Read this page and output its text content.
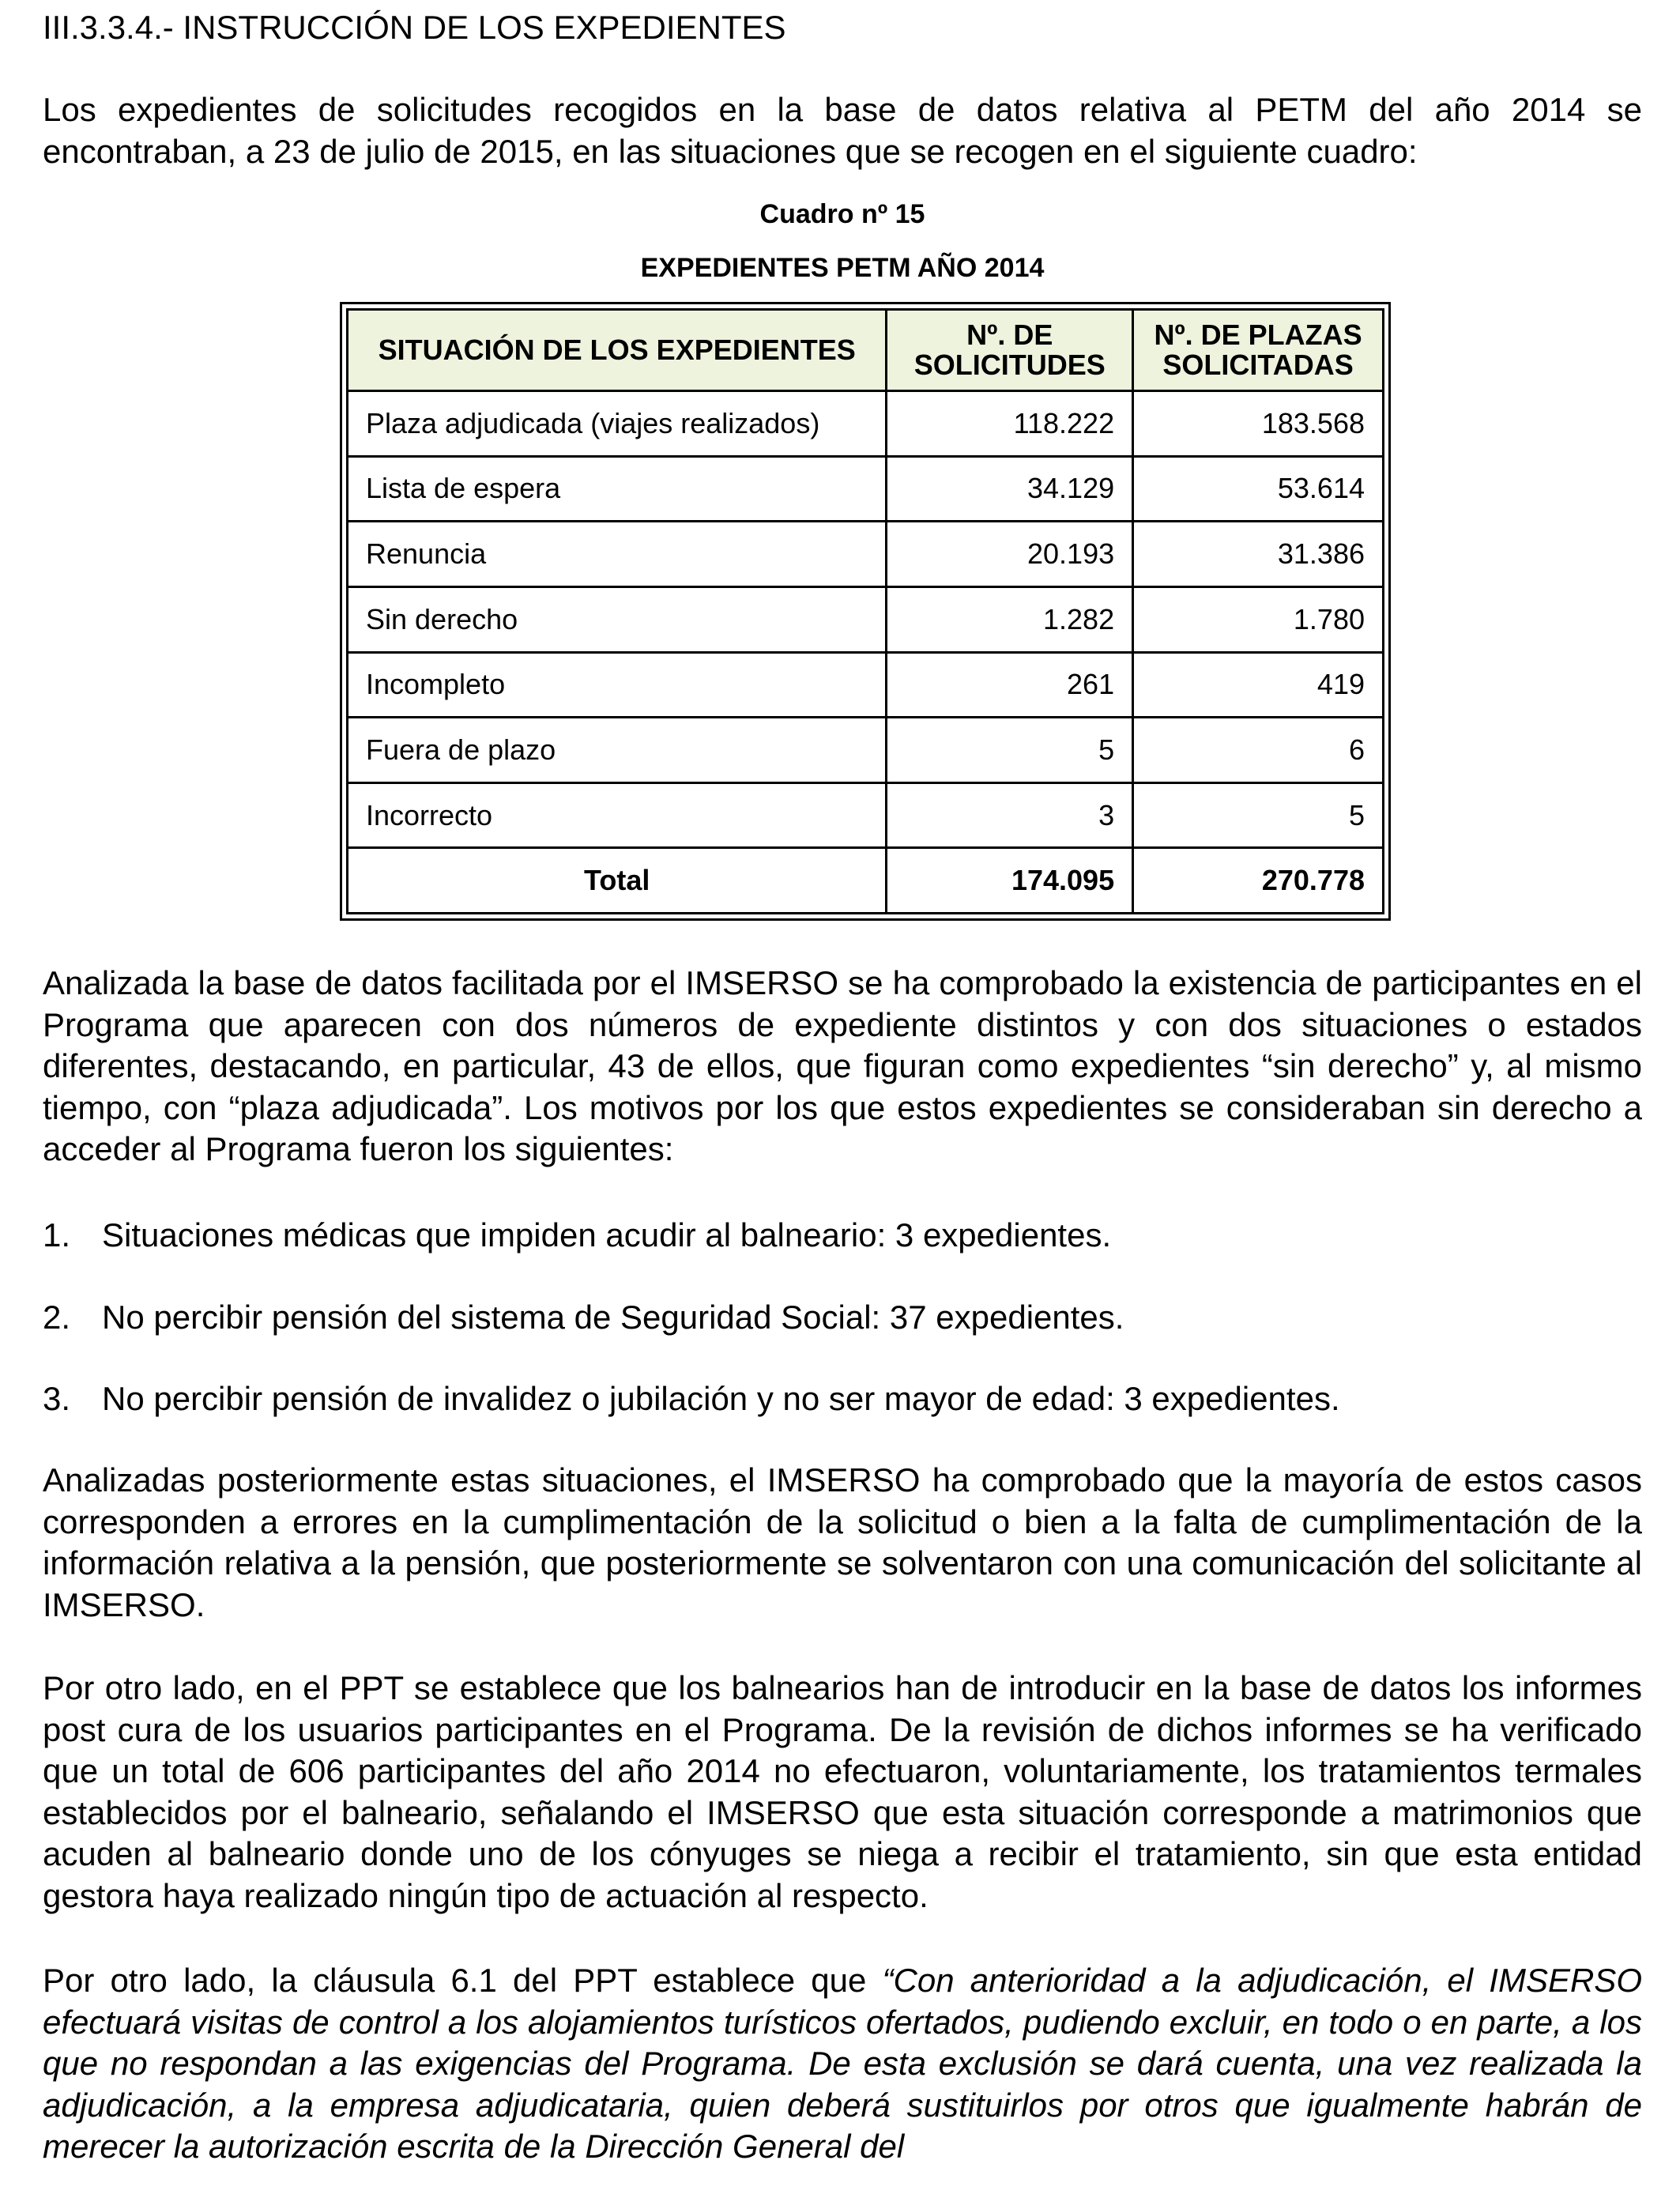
III.3.3.4.- INSTRUCCIÓN DE LOS EXPEDIENTES

Los expedientes de solicitudes recogidos en la base de datos relativa al PETM del año 2014 se encontraban, a 23 de julio de 2015, en las situaciones que se recogen en el siguiente cuadro:

Cuadro nº 15
EXPEDIENTES PETM AÑO 2014
SITUACIÓN DE LOS EXPEDIENTES	Nº. DE SOLICITUDES	Nº. DE PLAZAS SOLICITADAS
Plaza adjudicada (viajes realizados)	118.222	183.568
Lista de espera	34.129	53.614
Renuncia	20.193	31.386
Sin derecho	1.282	1.780
Incompleto	261	419
Fuera de plazo	5	6
Incorrecto	3	5
Total	174.095	270.778

Analizada la base de datos facilitada por el IMSERSO se ha comprobado la existencia de participantes en el Programa que aparecen con dos números de expediente distintos y con dos situaciones o estados diferentes, destacando, en particular, 43 de ellos, que figuran como expedientes “sin derecho” y, al mismo tiempo, con “plaza adjudicada”. Los motivos por los que estos expedientes se consideraban sin derecho a acceder al Programa fueron los siguientes:

1. Situaciones médicas que impiden acudir al balneario: 3 expedientes.
2. No percibir pensión del sistema de Seguridad Social: 37 expedientes.
3. No percibir pensión de invalidez o jubilación y no ser mayor de edad: 3 expedientes.

Analizadas posteriormente estas situaciones, el IMSERSO ha comprobado que la mayoría de estos casos corresponden a errores en la cumplimentación de la solicitud o bien a la falta de cumplimentación de la información relativa a la pensión, que posteriormente se solventaron con una comunicación del solicitante al IMSERSO.

Por otro lado, en el PPT se establece que los balnearios han de introducir en la base de datos los informes post cura de los usuarios participantes en el Programa. De la revisión de dichos informes se ha verificado que un total de 606 participantes del año 2014 no efectuaron, voluntariamente, los tratamientos termales establecidos por el balneario, señalando el IMSERSO que esta situación corresponde a matrimonios que acuden al balneario donde uno de los cónyuges se niega a recibir el tratamiento, sin que esta entidad gestora haya realizado ningún tipo de actuación al respecto.

Por otro lado, la cláusula 6.1 del PPT establece que “Con anterioridad a la adjudicación, el IMSERSO efectuará visitas de control a los alojamientos turísticos ofertados, pudiendo excluir, en todo o en parte, a los que no respondan a las exigencias del Programa. De esta exclusión se dará cuenta, una vez realizada la adjudicación, a la empresa adjudicataria, quien deberá sustituirlos por otros que igualmente habrán de merecer la autorización escrita de la Dirección General del
